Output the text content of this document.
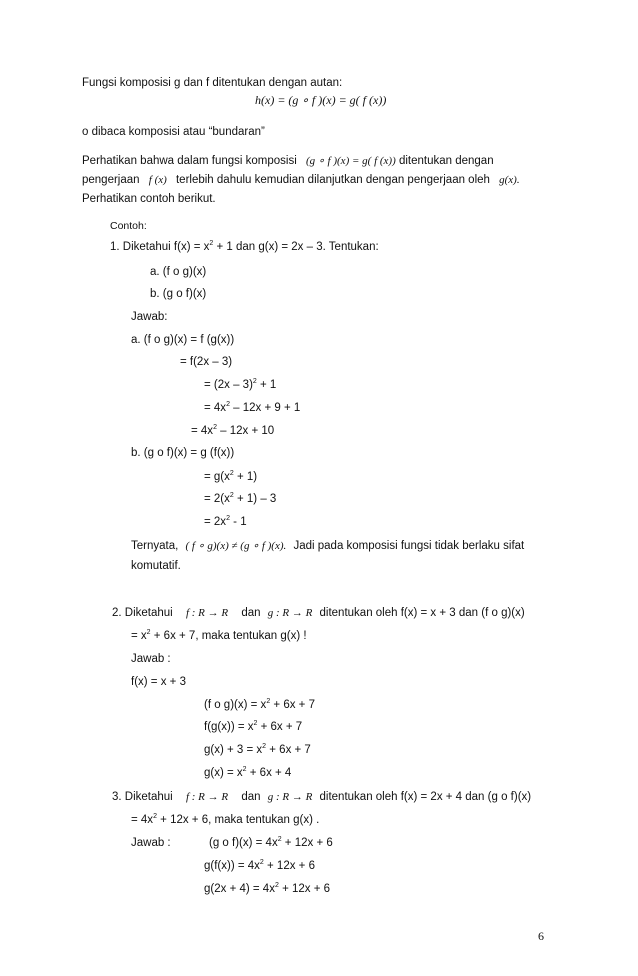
Fungsi komposisi g dan f ditentukan dengan autan:
h(x) = (g ∘ f )(x) = g( f (x))
o dibaca komposisi atau “bundaran”
Perhatikan bahwa dalam fungsi komposisi (g ∘ f )(x) = g( f (x)) ditentukan dengan
pengerjaan f (x) terlebih dahulu kemudian dilanjutkan dengan pengerjaan oleh g(x).
Perhatikan contoh berikut.
Contoh:
1. Diketahui $f(x) = x^2 + 1$ dan g(x) = 2x – 3. Tentukan:
a. (f o g)(x)
b. (g o f)(x)
Jawab:
a. (f o g)(x) = f (g(x))
= f(2x – 3)
= (2x – 3)$^2$ + 1
= $4x^2 - 12x + 9 + 1$
= $4x^2 - 12x + 10$
b. (g o f)(x) = g (f(x))
= $g(x^2 + 1)$
= $2(x^2 + 1) - 3$
= $2x^2 - 1$
Ternyata, ( f ∘ g)(x) ≠ (g ∘ f )(x). Jadi pada komposisi fungsi tidak berlaku sifat
komutatif.
2. Diketahui f : R → R dan g : R → R ditentukan oleh f(x) = x + 3 dan (f o g)(x)
= $x^2 + 6x + 7$, maka tentukan g(x) !
Jawab :
f(x) = x + 3
(f o $g)(x) = x^2 + 6x + 7$
$f(g(x)) = x^2 + 6x + 7$
$g(x) + 3 = x^2 + 6x + 7$
$g(x) = x^2 + 6x + 4$
3. Diketahui f : R → R dan g : R → R ditentukan oleh f(x) = 2x + 4 dan (g o f)(x)
= $4x^2 + 12x + 6$, maka tentukan g(x) .
Jawab :	(g o $f)(x) = 4x^2 + 12x + 6$
$g(f(x)) = 4x^2 + 12x + 6$
$g(2x + 4) = 4x^2 + 12x + 6$
6
